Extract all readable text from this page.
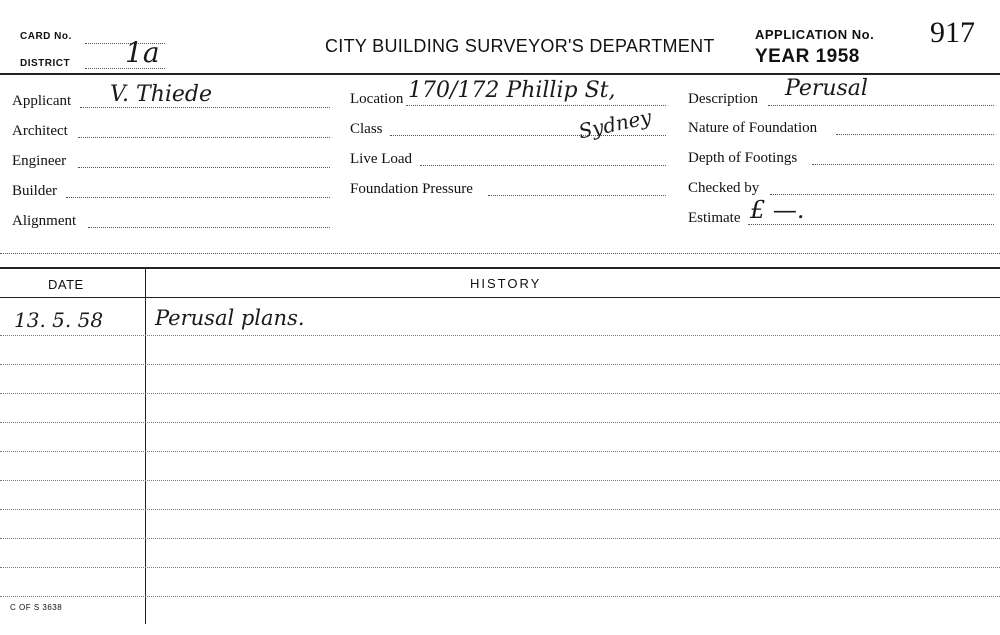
CARD No.
DISTRICT 1a	CITY BUILDING SURVEYOR'S DEPARTMENT
APPLICATION No.
YEAR 1958
917
Applicant V. Thiede
Architect
Engineer
Builder
Alignment
Location 170/172 Phillip St,
Class	Sydney
Live Load
Foundation Pressure
Description Perusal
Nature of Foundation
Depth of Footings
Checked by
Estimate £ —.
DATE	HISTORY
13. 5. 58 Perusal plans.
C OF S 3638
